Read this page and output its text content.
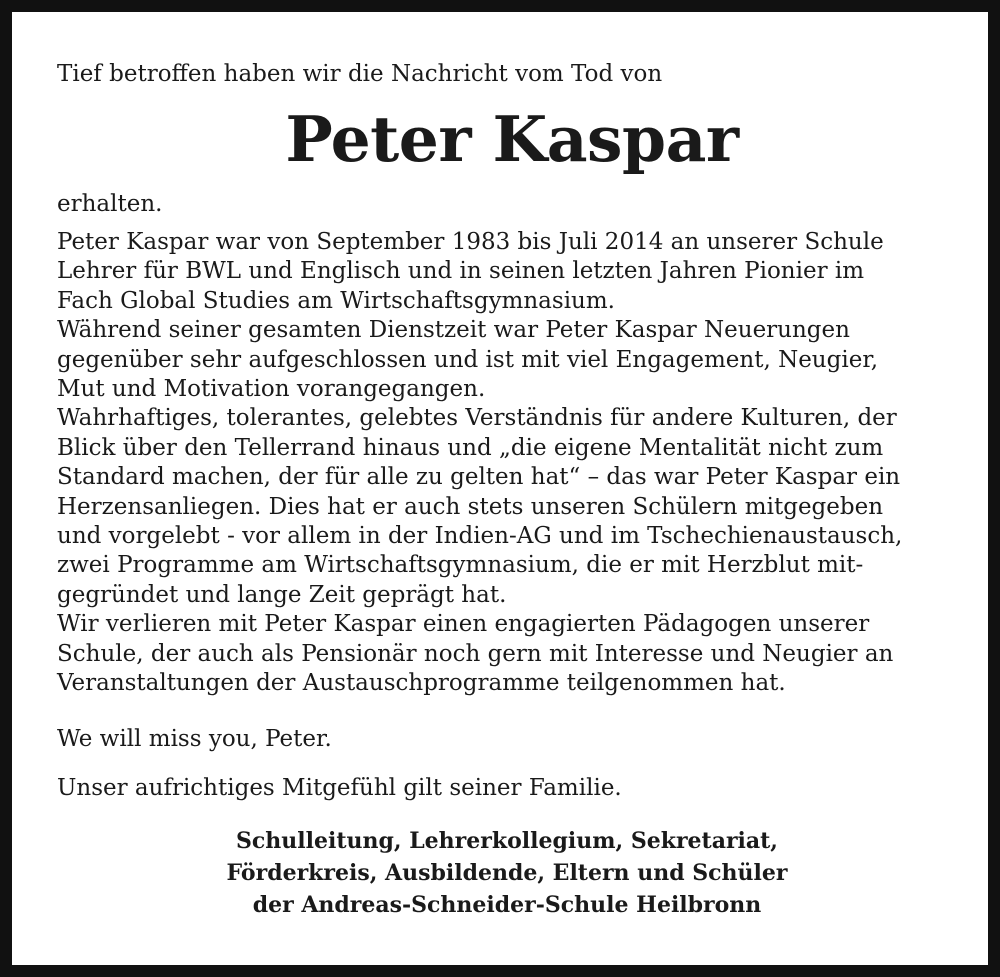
Tief betroffen haben wir die Nachricht vom Tod von

Peter Kaspar

erhalten.

Peter Kaspar war von September 1983 bis Juli 2014 an unserer Schule
Lehrer für BWL und Englisch und in seinen letzten Jahren Pionier im
Fach Global Studies am Wirtschaftsgymnasium.
Während seiner gesamten Dienstzeit war Peter Kaspar Neuerungen
gegenüber sehr aufgeschlossen und ist mit viel Engagement, Neugier,
Mut und Motivation vorangegangen.
Wahrhaftiges, tolerantes, gelebtes Verständnis für andere Kulturen, der
Blick über den Tellerrand hinaus und „die eigene Mentalität nicht zum
Standard machen, der für alle zu gelten hat“ – das war Peter Kaspar ein
Herzensanliegen. Dies hat er auch stets unseren Schülern mitgegeben
und vorgelebt - vor allem in der Indien-AG und im Tschechienaustausch,
zwei Programme am Wirtschaftsgymnasium, die er mit Herzblut mit-
gegründet und lange Zeit geprägt hat.
Wir verlieren mit Peter Kaspar einen engagierten Pädagogen unserer
Schule, der auch als Pensionär noch gern mit Interesse und Neugier an
Veranstaltungen der Austauschprogramme teilgenommen hat.

We will miss you, Peter.

Unser aufrichtiges Mitgefühl gilt seiner Familie.

Schulleitung, Lehrerkollegium, Sekretariat,
Förderkreis, Ausbildende, Eltern und Schüler
der Andreas-Schneider-Schule Heilbronn
